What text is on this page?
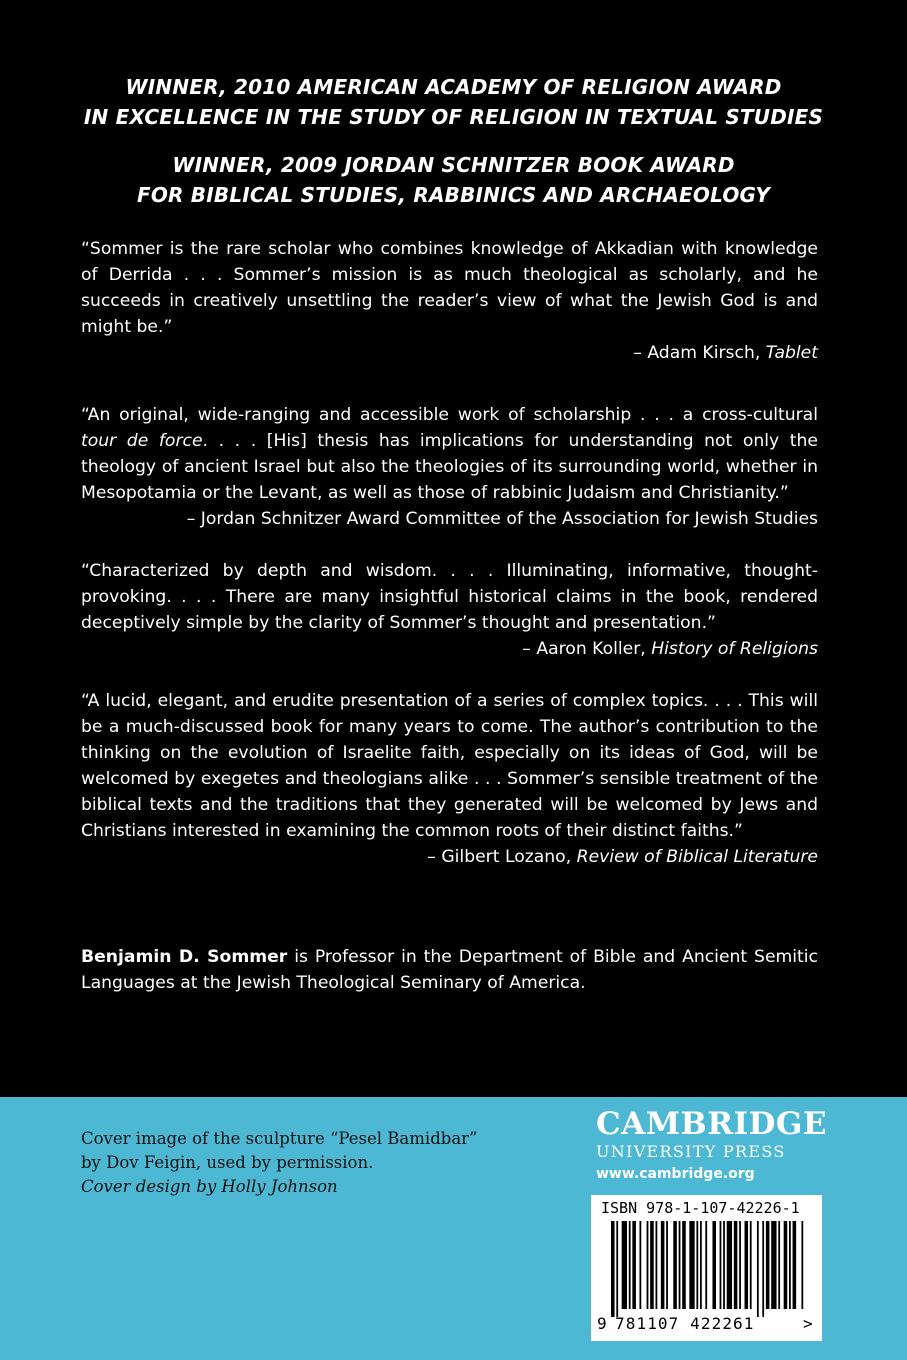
WINNER, 2010 AMERICAN ACADEMY OF RELIGION AWARD
IN EXCELLENCE IN THE STUDY OF RELIGION IN TEXTUAL STUDIES
WINNER, 2009 JORDAN SCHNITZER BOOK AWARD
FOR BIBLICAL STUDIES, RABBINICS AND ARCHAEOLOGY

“Sommer is the rare scholar who combines knowledge of Akkadian with knowledge of Derrida . . . Sommer’s mission is as much theological as scholarly, and he succeeds in creatively unsettling the reader’s view of what the Jewish God is and might be.”

– Adam Kirsch, Tablet

“An original, wide-ranging and accessible work of scholarship . . . a cross-cultural tour de force. . . . [His] thesis has implications for understanding not only the theology of ancient Israel but also the theologies of its surrounding world, whether in Mesopotamia or the Levant, as well as those of rabbinic Judaism and Christianity.”

– Jordan Schnitzer Award Committee of the Association for Jewish Studies

“Characterized by depth and wisdom. . . . Illuminating, informative, thought-provoking. . . . There are many insightful historical claims in the book, rendered deceptively simple by the clarity of Sommer’s thought and presentation.”

– Aaron Koller, History of Religions

“A lucid, elegant, and erudite presentation of a series of complex topics. . . . This will be a much-discussed book for many years to come. The author’s contribution to the thinking on the evolution of Israelite faith, especially on its ideas of God, will be welcomed by exegetes and theologians alike . . . Sommer’s sensible treatment of the biblical texts and the traditions that they generated will be welcomed by Jews and Christians interested in examining the common roots of their distinct faiths.”

– Gilbert Lozano, Review of Biblical Literature
Benjamin D. Sommer is Professor in the Department of Bible and Ancient Semitic Languages at the Jewish Theological Seminary of America.
Cover image of the sculpture “Pesel Bamidbar”
by Dov Feigin, used by permission.
Cover design by Holly Johnson
CAMBRIDGE
UNIVERSITY PRESS
www.cambridge.org
ISBN 978-1-107-42226-1
9 781107 422261	>
